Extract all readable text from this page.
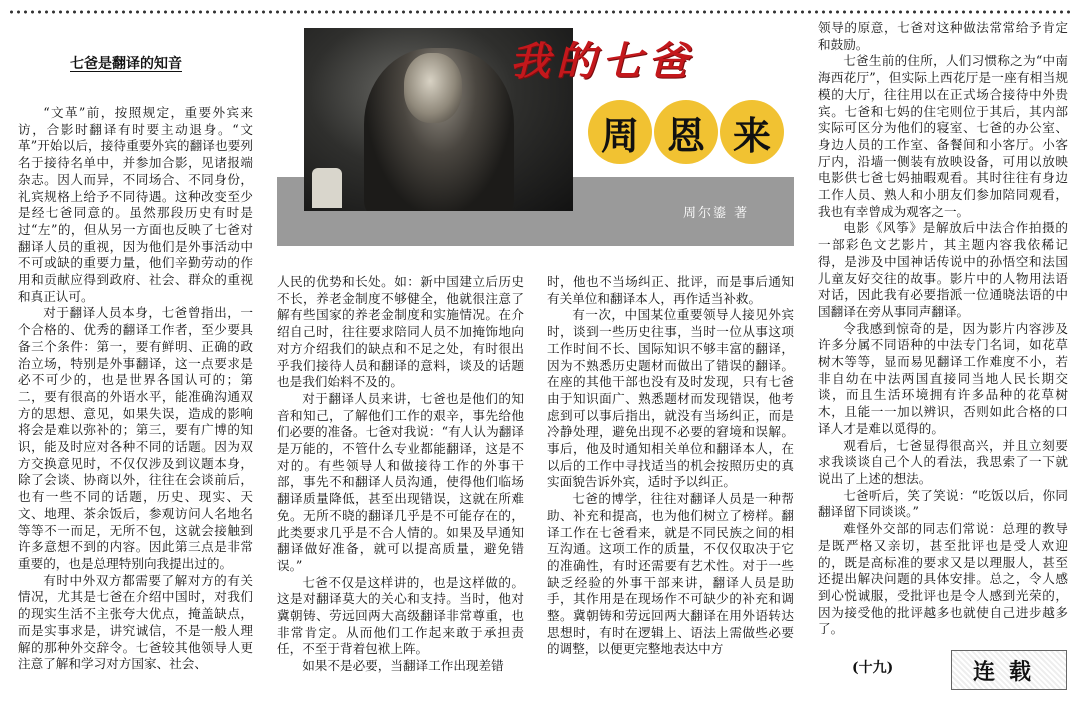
七爸是翻译的知音	我的七爸
周 恩 来
周尔鎏 著

“文革”前，按照规定，重要外宾来访，合影时翻译有时要主动退身。“文革”开始以后，接待重要外宾的翻译也要列名于接待名单中，并参加合影，见诸报端杂志。因人而异，不同场合、不同身份，礼宾规格上给予不同待遇。这种改变至少是经七爸同意的。虽然那段历史有时是过“左”的，但从另一方面也反映了七爸对翻译人员的重视，因为他们是外事活动中不可或缺的重要力量，他们辛勤劳动的作用和贡献应得到政府、社会、群众的重视和真正认可。

对于翻译人员本身，七爸曾指出，一个合格的、优秀的翻译工作者，至少要具备三个条件：第一，要有鲜明、正确的政治立场，特别是外事翻译，这一点要求是必不可少的，也是世界各国认可的；第二，要有很高的外语水平，能准确沟通双方的思想、意见，如果失误，造成的影响将会是难以弥补的；第三，要有广博的知识，能及时应对各种不同的话题。因为双方交换意见时，不仅仅涉及到议题本身，除了会谈、协商以外，往往在会谈前后，也有一些不同的话题，历史、现实、天文、地理、茶余饭后，参观访问人名地名等等不一而足，无所不包，这就会接触到许多意想不到的内容。因此第三点是非常重要的，也是总理特别向我提出过的。

有时中外双方都需要了解对方的有关情况，尤其是七爸在介绍中国时，对我们的现实生活不主张夸大优点，掩盖缺点，而是实事求是，讲究诚信，不是一般人理解的那种外交辞令。七爸较其他领导人更注意了解和学习对方国家、社会、

人民的优势和长处。如：新中国建立后历史不长，养老金制度不够健全，他就很注意了解有些国家的养老金制度和实施情况。在介绍自己时，往往要求陪同人员不加掩饰地向对方介绍我们的缺点和不足之处，有时很出乎我们接待人员和翻译的意料，谈及的话题也是我们始料不及的。

对于翻译人员来讲，七爸也是他们的知音和知己，了解他们工作的艰辛，事先给他们必要的准备。七爸对我说：“有人认为翻译是万能的，不管什么专业都能翻译，这是不对的。有些领导人和做接待工作的外事干部，事先不和翻译人员沟通，使得他们临场翻译质量降低，甚至出现错误，这就在所难免。无所不晓的翻译几乎是不可能存在的，此类要求几乎是不合人情的。如果及早通知翻译做好准备，就可以提高质量，避免错误。”

七爸不仅是这样讲的，也是这样做的。这是对翻译莫大的关心和支持。当时，他对冀朝铸、劳远回两大高级翻译非常尊重，也非常肯定。从而他们工作起来敢于承担责任，不至于背着包袱上阵。

如果不是必要，当翻译工作出现差错

时，他也不当场纠正、批评，而是事后通知有关单位和翻译本人，再作适当补救。

有一次，中国某位重要领导人接见外宾时，谈到一些历史往事，当时一位从事这项工作时间不长、国际知识不够丰富的翻译，因为不熟悉历史题材而做出了错误的翻译。在座的其他干部也没有及时发现，只有七爸由于知识面广、熟悉题材而发现错误，他考虑到可以事后指出，就没有当场纠正，而是冷静处理，避免出现不必要的窘境和误解。事后，他及时通知相关单位和翻译本人，在以后的工作中寻找适当的机会按照历史的真实面貌告诉外宾，适时予以纠正。

七爸的博学，往往对翻译人员是一种帮助、补充和提高，也为他们树立了榜样。翻译工作在七爸看来，就是不同民族之间的相互沟通。这项工作的质量，不仅仅取决于它的准确性，有时还需要有艺术性。对于一些缺乏经验的外事干部来讲，翻译人员是助手，其作用是在现场作不可缺少的补充和调整。冀朝铸和劳远回两大翻译在用外语转达思想时，有时在逻辑上、语法上需做些必要的调整，以便更完整地表达中方

领导的原意，七爸对这种做法常常给予肯定和鼓励。

七爸生前的住所，人们习惯称之为“中南海西花厅”，但实际上西花厅是一座有相当规模的大厅，往往用以在正式场合接待中外贵宾。七爸和七妈的住宅则位于其后，其内部实际可区分为他们的寝室、七爸的办公室、身边人员的工作室、备餐间和小客厅。小客厅内，沿墙一侧装有放映设备，可用以放映电影供七爸七妈抽暇观看。其时往往有身边工作人员、熟人和小朋友们参加陪同观看，我也有幸曾成为观客之一。

电影《风筝》是解放后中法合作拍摄的一部彩色文艺影片，其主题内容我依稀记得，是涉及中国神话传说中的孙悟空和法国儿童友好交往的故事。影片中的人物用法语对话，因此我有必要指派一位通晓法语的中国翻译在旁从事同声翻译。

令我感到惊奇的是，因为影片内容涉及许多分属不同语种的中法专门名词，如花草树木等等，显而易见翻译工作难度不小，若非自幼在中法两国直接同当地人民长期交谈，而且生活环境拥有许多品种的花草树木，且能一一加以辨识，否则如此合格的口译人才是难以觅得的。

观看后，七爸显得很高兴，并且立刻要求我谈谈自己个人的看法，我思索了一下就说出了上述的想法。

七爸听后，笑了笑说：“吃饭以后，你同翻译留下同谈谈。”

难怪外交部的同志们常说：总理的教导是既严格又亲切，甚至批评也是受人欢迎的，既是高标准的要求又是以理服人，甚至还提出解决问题的具体安排。总之，令人感到心悦诚服，受批评也是令人感到光荣的，因为接受他的批评越多也就使自己进步越多了。

(十九)	连载
